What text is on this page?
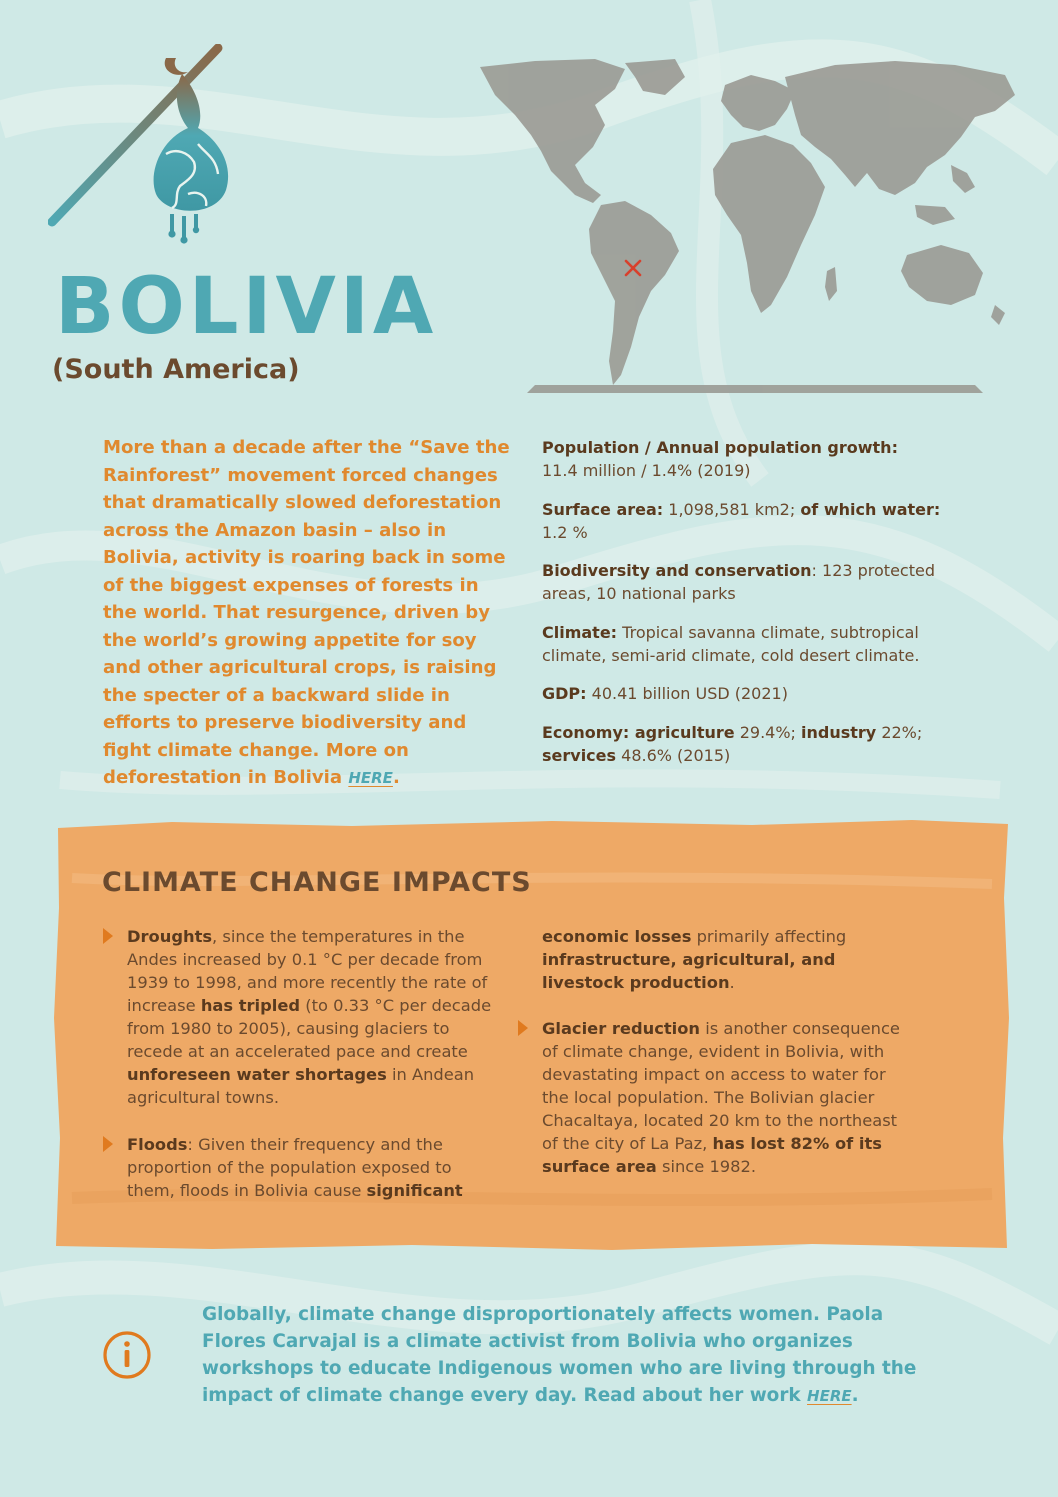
BOLIVIA
(South America)
More than a decade after the “Save the Rainforest” movement forced changes that dramatically slowed deforestation across the Amazon basin – also in Bolivia, activity is roaring back in some of the biggest expenses of forests in the world. That resurgence, driven by the world’s growing appetite for soy and other agricultural crops, is raising the specter of a backward slide in efforts to preserve biodiversity and fight climate change. More on deforestation in Bolivia HERE.

Population / Annual population growth:
11.4 million / 1.4% (2019)

Surface area: 1,098,581 km2; of which water: 1.2 %

Biodiversity and conservation: 123 protected areas, 10 national parks

Climate: Tropical savanna climate, subtropical climate, semi-arid climate, cold desert climate.

GDP: 40.41 billion USD (2021)

Economy: agriculture 29.4%; industry 22%; services 48.6% (2015)

CLIMATE CHANGE IMPACTS
Droughts, since the temperatures in the Andes increased by 0.1 °C per decade from 1939 to 1998, and more recently the rate of increase has tripled (to 0.33 °C per decade from 1980 to 2005), causing glaciers to recede at an accelerated pace and create unforeseen water shortages in Andean agricultural towns.
Floods: Given their frequency and the proportion of the population exposed to them, floods in Bolivia cause significant
economic losses primarily affecting infrastructure, agricultural, and livestock production.
Glacier reduction is another consequence of climate change, evident in Bolivia, with devastating impact on access to water for the local population. The Bolivian glacier Chacaltaya, located 20 km to the northeast of the city of La Paz, has lost 82% of its surface area since 1982.
Globally, climate change disproportionately affects women. Paola Flores Carvajal is a climate activist from Bolivia who organizes workshops to educate Indigenous women who are living through the impact of climate change every day. Read about her work HERE.
